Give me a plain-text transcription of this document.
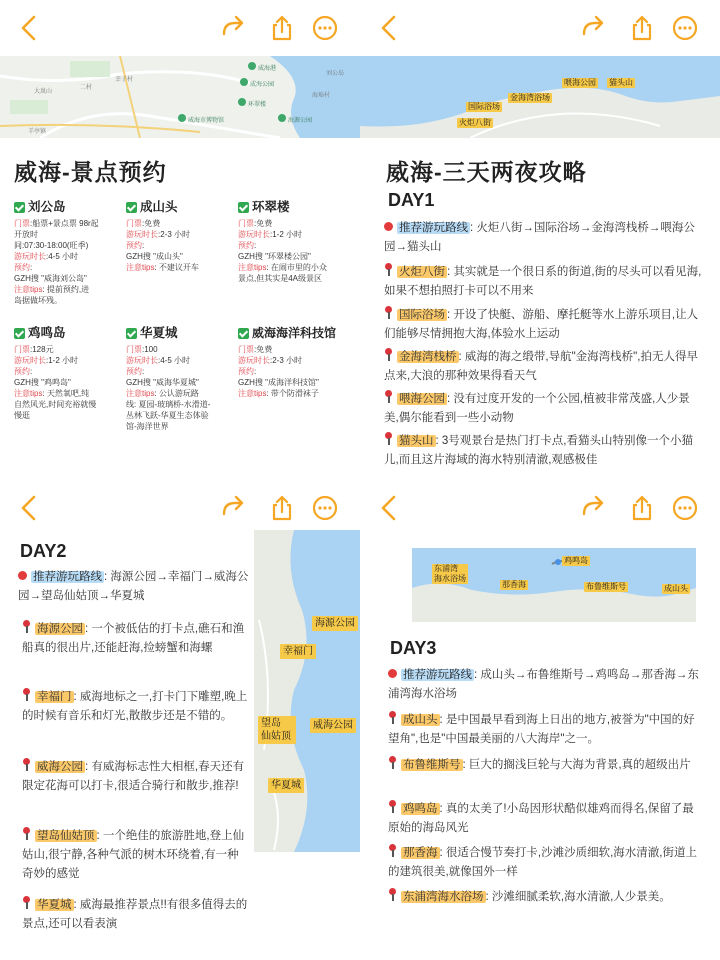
威海港
威海公园
环翠楼
威海市博物馆	海源公园
大岚山
二村
幸子村
刘公岛
羊亭镇
海埠村
威海-景点预约
刘公岛
门票:船票+景点票 98r起
开放时
间:07:30-18:00(旺季)
游玩时长:4-5 小时
预约:
GZH搜 "威海刘公岛"
注意tips: 提前预约,进
岛据做坏残。
成山头
门票:免费
游玩时长:2-3 小时
预约:
GZH搜 "成山头"
注意tips: 不建议开车
环翠楼
门票:免费
游玩时长:1-2 小时
预约:
GZH搜 "环翠楼公园"
注意tips: 在闹市里的小众
景点,但其实是4A级景区
鸡鸣岛
门票:128元
游玩时长:1-2 小时
预约:
GZH搜 "鸡鸣岛"
注意tips: 天然氧吧,纯
自然风光,时间充裕就慢
慢逛
华夏城
门票:100
游玩时长:4-5 小时
预约:
GZH搜 "威海华夏城"
注意tips: 公认游玩路
线: 夏园-玻璃桥-水滑道-
丛林飞跃-华夏生态体验
馆-海洋世界
威海海洋科技馆
门票:免费
游玩时长:2-3 小时
预约:
GZH搜 "成海洋科技馆"
注意tips: 带个防滑袜子
喂海公园 猫头山
金海湾浴场
国际浴场
火炬八街
威海-三天两夜攻略
DAY1
推荐游玩路线 : 火炬八街→国际浴场→金海湾栈桥→喂海公园→猫头山
火炬八街 : 其实就是一个很日系的街道,街的尽头可以看见海,如果不想拍照打卡可以不用来
国际浴场 : 开设了快艇、游船、摩托艇等水上游乐项目,让人们能够尽情拥抱大海,体验水上运动
金海湾栈桥 : 威海的海之缎带,导航"金海湾栈桥",拍无人得早点来,大浪的那种效果得看天气
喂海公园 : 没有过度开发的一个公园,植被非常茂盛,人少景美,偶尔能看到一些小动物
猫头山 : 3号观景台是热门打卡点,看猫头山特别像一个小猫儿,而且这片海域的海水特别清澈,观感极佳
海源公园
幸福门
望岛
仙姑顶
威海公园
华夏城
DAY2
推荐游玩路线 : 海源公园→幸福门→威海公园→望岛仙姑顶→华夏城
海源公园 : 一个被低估的打卡点,礁石和渔船真的很出片,还能赶海,捡螃蟹和海螺
幸福门 : 威海地标之一,打卡门下雕塑,晚上的时候有音乐和灯光,散散步还是不错的。
威海公园 : 有威海标志性大相框,春天还有限定花海可以打卡,很适合骑行和散步,推荐!
望岛仙姑顶 : 一个绝佳的旅游胜地,登上仙姑山,很宁静,各种气派的树木环绕着,有一种奇妙的感觉
华夏城 : 威海最推荐景点!!有很多值得去的景点,还可以看表演
鸡鸣岛
东浦湾
海水浴场
那香海	布鲁维斯号	成山头
DAY3
推荐游玩路线 : 成山头→布鲁维斯号→鸡鸣岛→那香海→东浦湾海水浴场
成山头 : 是中国最早看到海上日出的地方,被誉为"中国的好望角",也是"中国最美丽的八大海岸"之一。
布鲁维斯号 : 巨大的搁浅巨轮与大海为背景,真的超级出片
鸡鸣岛 : 真的太美了!小岛因形状酷似雄鸡而得名,保留了最原始的海岛风光
那香海 : 很适合慢节奏打卡,沙滩沙质细软,海水清澈,街道上的建筑很美,就像国外一样
东浦湾海水浴场 : 沙滩细腻柔软,海水清澈,人少景美。
